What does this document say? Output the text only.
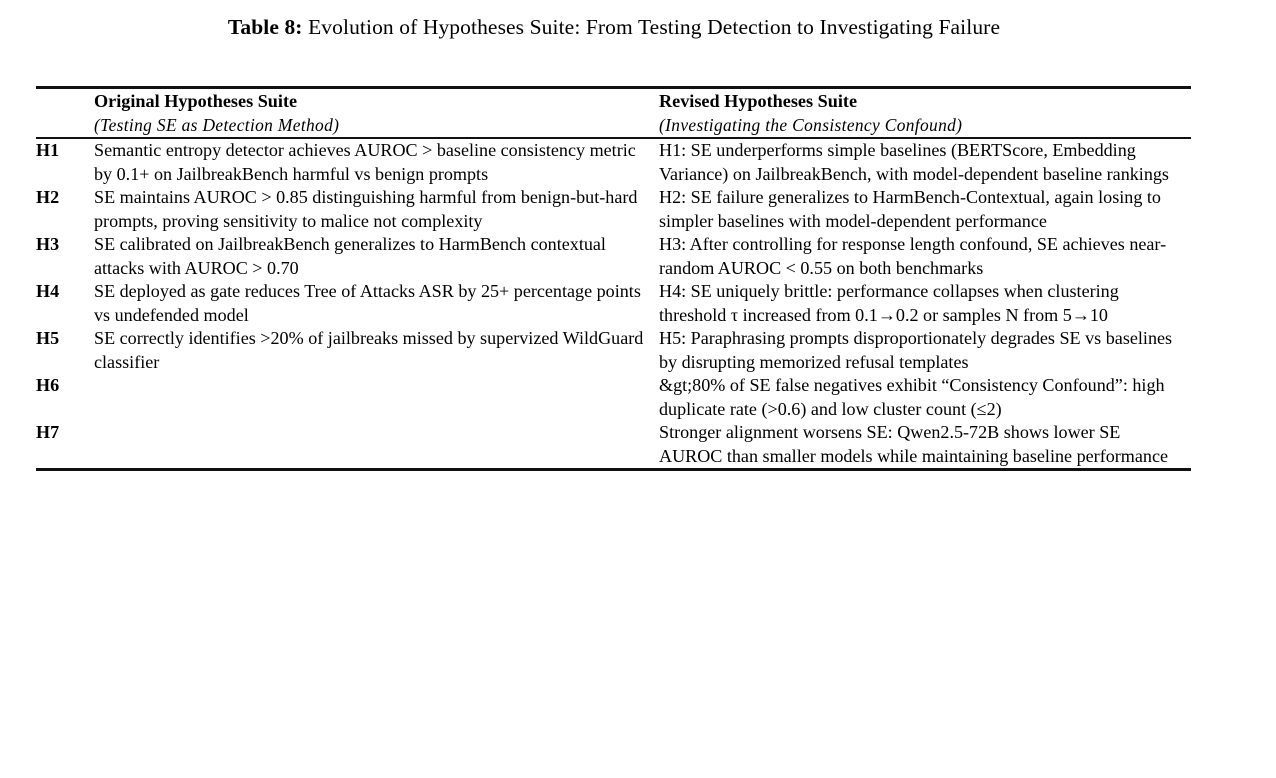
Table 8: Evolution of Hypotheses Suite: From Testing Detection to Investigating Failure

Original Hypotheses Suite
(Testing SE as Detection Method)

Revised Hypotheses Suite
(Investigating the Consistency Confound)
H1	Semantic entropy detector achieves AUROC > baseline consistency metric by 0.1+ on JailbreakBench harmful vs benign prompts	H1: SE underperforms simple baselines (BERTScore, Embedding Variance) on JailbreakBench, with model-dependent baseline rankings
H2	SE maintains AUROC > 0.85 distinguishing harmful from benign-but-hard prompts, proving sensitivity to malice not complexity	H2: SE failure generalizes to HarmBench-Contextual, again losing to simpler baselines with model-dependent performance
H3	SE calibrated on JailbreakBench generalizes to HarmBench contextual attacks with AUROC > 0.70	H3: After controlling for response length confound, SE achieves near-random AUROC < 0.55 on both benchmarks
H4	SE deployed as gate reduces Tree of Attacks ASR by 25+ percentage points vs undefended model	H4: SE uniquely brittle: performance collapses when clustering threshold τ increased from 0.1→0.2 or samples N from 5→10
H5	SE correctly identifies >20% of jailbreaks missed by supervized WildGuard classifier	H5: Paraphrasing prompts disproportionately degrades SE vs baselines by disrupting memorized refusal templates
H6		&gt;80% of SE false negatives exhibit “Consistency Confound”: high duplicate rate (>0.6) and low cluster count (≤2)
H7		Stronger alignment worsens SE: Qwen2.5-72B shows lower SE AUROC than smaller models while maintaining baseline performance
